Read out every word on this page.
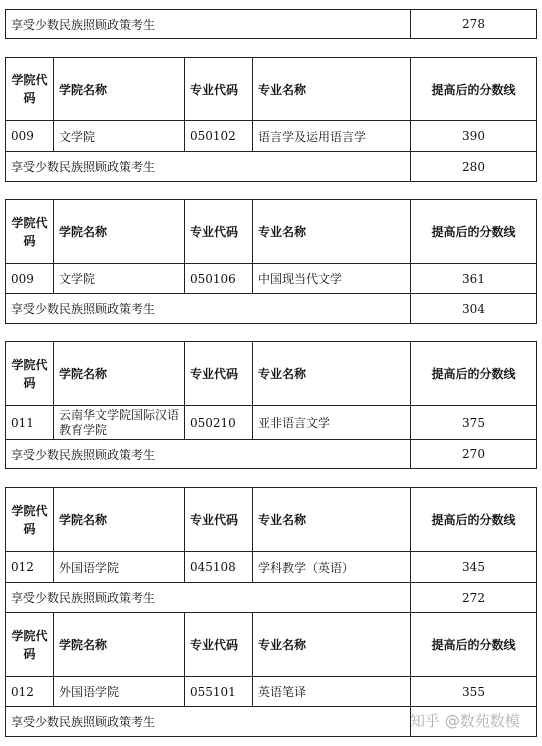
享受少数民族照顾政策考生	278
学院代码	学院名称	专业代码	专业名称	提高后的分数线
009	文学院	050102	语言学及运用语言学	390
享受少数民族照顾政策考生				280
学院代码	学院名称	专业代码	专业名称	提高后的分数线
009	文学院	050106	中国现当代文学	361
享受少数民族照顾政策考生				304
学院代码	学院名称	专业代码	专业名称	提高后的分数线
011	云南华文学院国际汉语教育学院	050210	亚非语言文学	375
享受少数民族照顾政策考生				270
学院代码	学院名称	专业代码	专业名称	提高后的分数线
012	外国语学院	045108	学科教学（英语）	345
享受少数民族照顾政策考生				272
学院代码	学院名称	专业代码	专业名称	提高后的分数线
012	外国语学院	055101	英语笔译	355
享受少数民族照顾政策考生					知乎 @数苑数模
